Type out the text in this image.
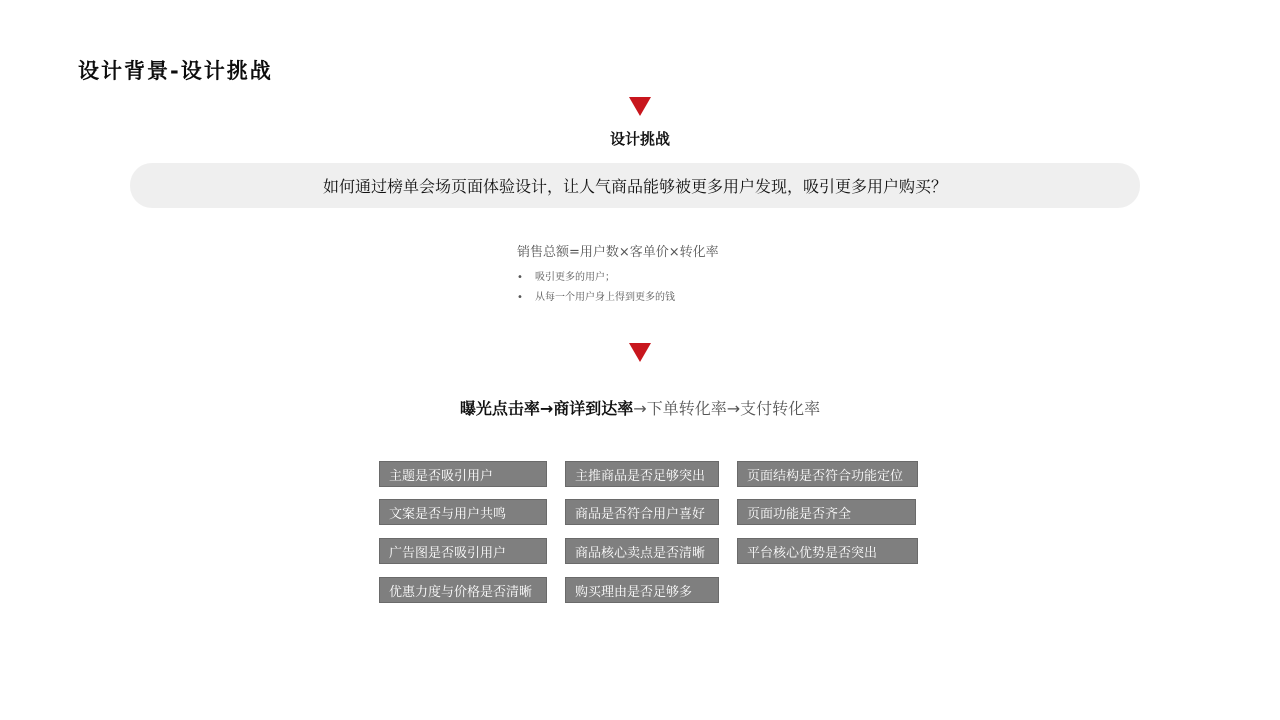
设计背景-设计挑战
设计挑战
如何通过榜单会场页面体验设计，让人气商品能够被更多用户发现，吸引更多用户购买？
销售总额=用户数×客单价×转化率
• 吸引更多的用户；
• 从每一个用户身上得到更多的钱
曝光点击率→商详到达率→下单转化率→支付转化率
主题是否吸引用户
文案是否与用户共鸣
广告图是否吸引用户
优惠力度与价格是否清晰
主推商品是否足够突出
商品是否符合用户喜好
商品核心卖点是否清晰
购买理由是否足够多
页面结构是否符合功能定位
页面功能是否齐全
平台核心优势是否突出
